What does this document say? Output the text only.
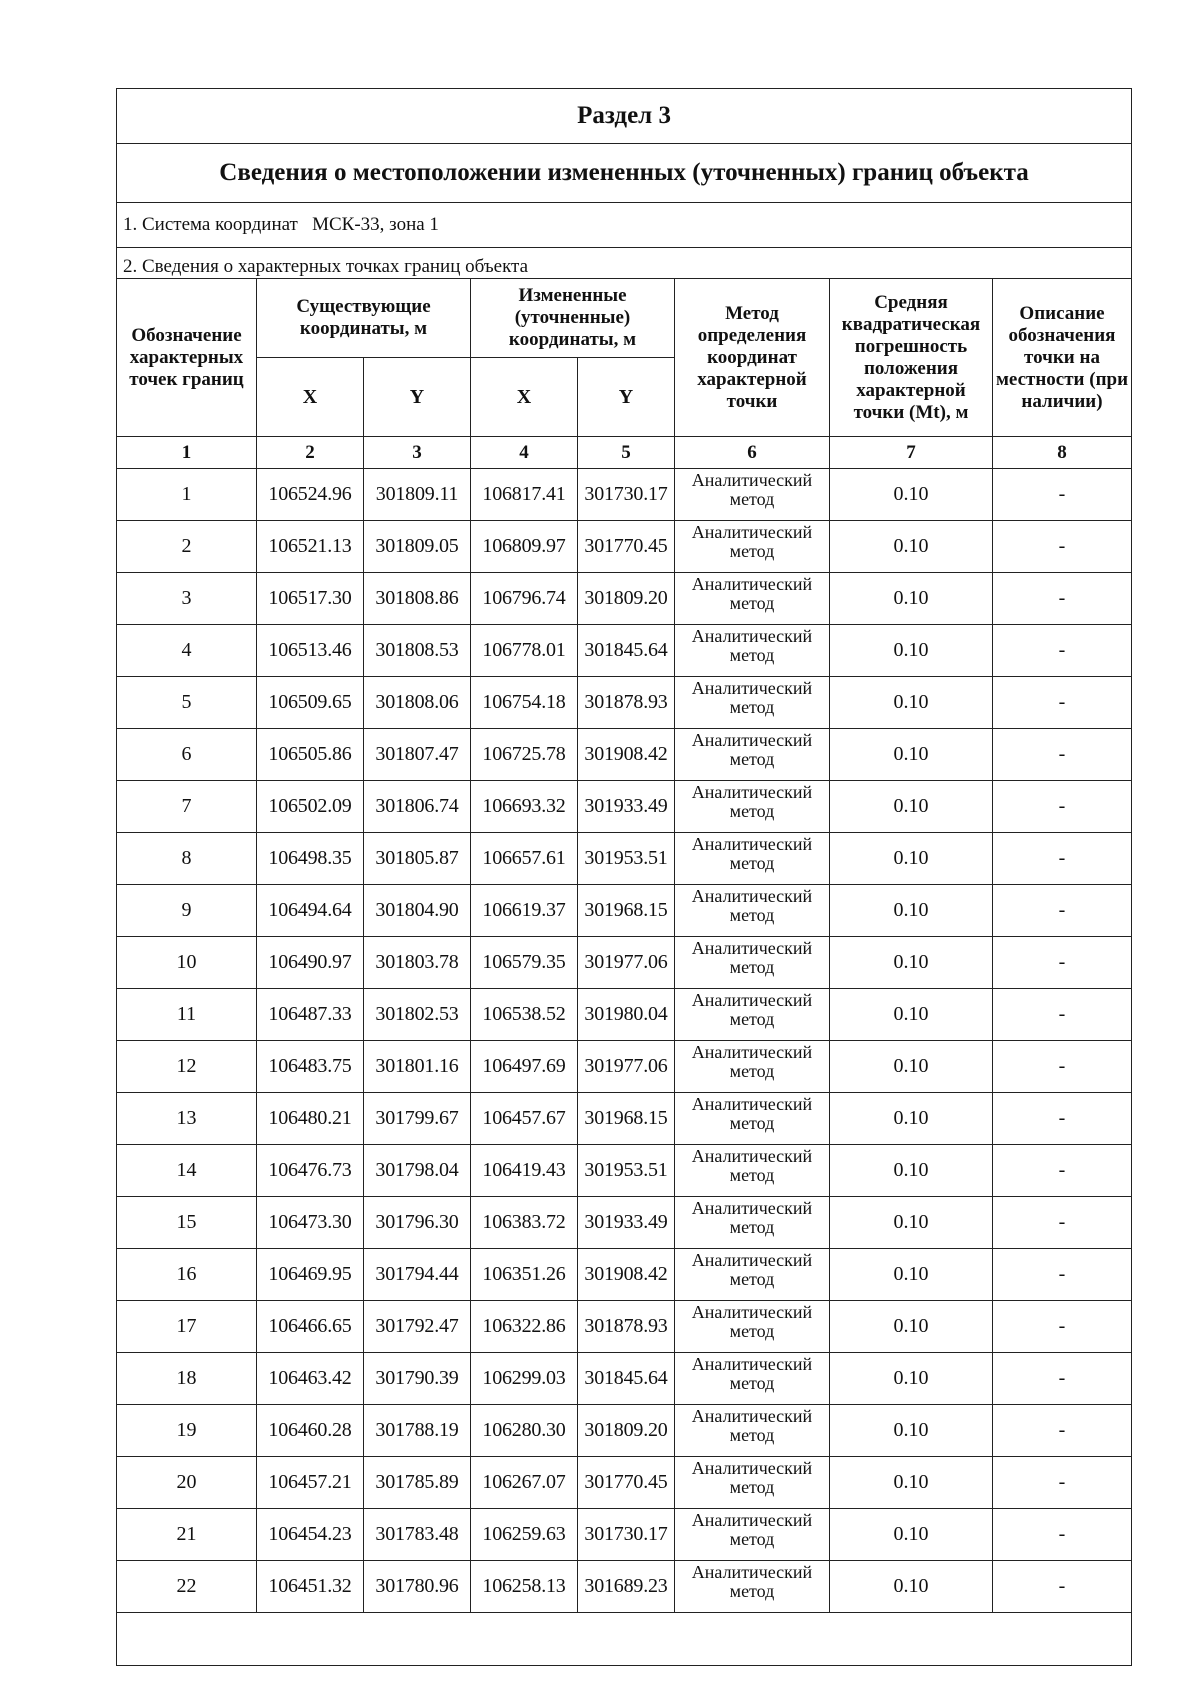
Раздел 3							
Сведения о местоположении измененных (уточненных) границ объекта							
1. Система координат МСК-33, зона 1							
2. Сведения о характерных точках границ объекта							
Обозначение характерных точек границ	Существующие координаты, м		Измененные (уточненные) координаты, м		Метод определения координат характерной точки	Средняя квадратическая погрешность положения характерной точки (Mt), м	Описание обозначения точки на местности (при наличии)
	X	Y	X	Y			
1	2	3	4	5	6	7	8
1	106524.96	301809.11	106817.41	301730.17	Аналитический метод	0.10	-
2	106521.13	301809.05	106809.97	301770.45	Аналитический метод	0.10	-
3	106517.30	301808.86	106796.74	301809.20	Аналитический метод	0.10	-
4	106513.46	301808.53	106778.01	301845.64	Аналитический метод	0.10	-
5	106509.65	301808.06	106754.18	301878.93	Аналитический метод	0.10	-
6	106505.86	301807.47	106725.78	301908.42	Аналитический метод	0.10	-
7	106502.09	301806.74	106693.32	301933.49	Аналитический метод	0.10	-
8	106498.35	301805.87	106657.61	301953.51	Аналитический метод	0.10	-
9	106494.64	301804.90	106619.37	301968.15	Аналитический метод	0.10	-
10	106490.97	301803.78	106579.35	301977.06	Аналитический метод	0.10	-
11	106487.33	301802.53	106538.52	301980.04	Аналитический метод	0.10	-
12	106483.75	301801.16	106497.69	301977.06	Аналитический метод	0.10	-
13	106480.21	301799.67	106457.67	301968.15	Аналитический метод	0.10	-
14	106476.73	301798.04	106419.43	301953.51	Аналитический метод	0.10	-
15	106473.30	301796.30	106383.72	301933.49	Аналитический метод	0.10	-
16	106469.95	301794.44	106351.26	301908.42	Аналитический метод	0.10	-
17	106466.65	301792.47	106322.86	301878.93	Аналитический метод	0.10	-
18	106463.42	301790.39	106299.03	301845.64	Аналитический метод	0.10	-
19	106460.28	301788.19	106280.30	301809.20	Аналитический метод	0.10	-
20	106457.21	301785.89	106267.07	301770.45	Аналитический метод	0.10	-
21	106454.23	301783.48	106259.63	301730.17	Аналитический метод	0.10	-
22	106451.32	301780.96	106258.13	301689.23	Аналитический метод	0.10	-
